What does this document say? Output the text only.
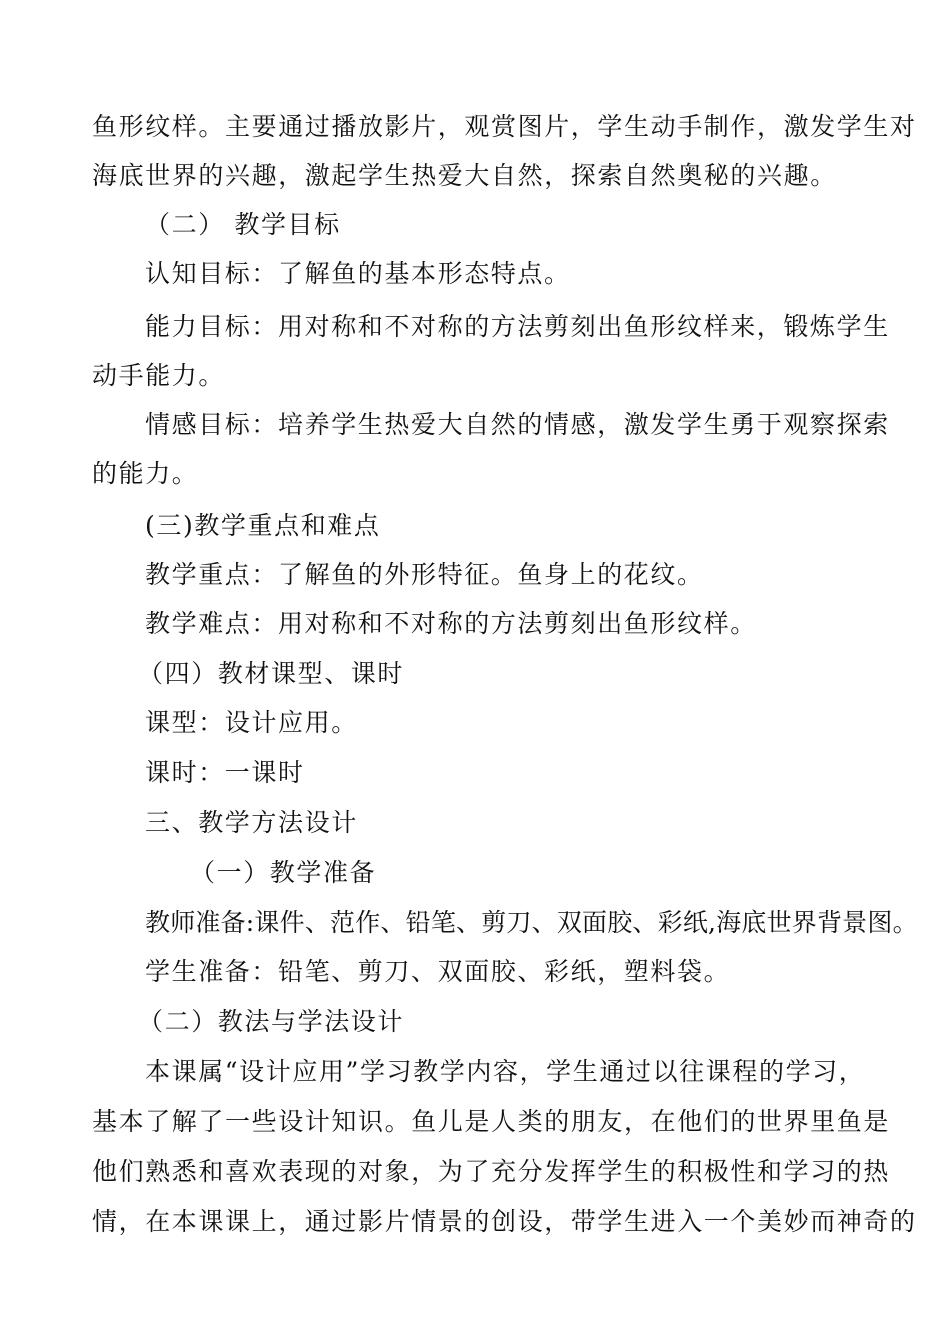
鱼形纹样。主要通过播放影片，观赏图片，学生动手制作，激发学生对
海底世界的兴趣，激起学生热爱大自然，探索自然奥秘的兴趣。
（二） 教学目标
认知目标：了解鱼的基本形态特点。
能力目标：用对称和不对称的方法剪刻出鱼形纹样来，锻炼学生
动手能力。
情感目标：培养学生热爱大自然的情感，激发学生勇于观察探索
的能力。
(三)教学重点和难点
教学重点：了解鱼的外形特征。鱼身上的花纹。
教学难点：用对称和不对称的方法剪刻出鱼形纹样。
（四）教材课型、课时
课型：设计应用。
课时：一课时
三、教学方法设计
（一）教学准备
教师准备:课件、范作、铅笔、剪刀、双面胶、彩纸,海底世界背景图。
学生准备：铅笔、剪刀、双面胶、彩纸，塑料袋。
（二）教法与学法设计
本课属“设计应用”学习教学内容，学生通过以往课程的学习，
基本了解了一些设计知识。鱼儿是人类的朋友，在他们的世界里鱼是
他们熟悉和喜欢表现的对象，为了充分发挥学生的积极性和学习的热
情，在本课课上，通过影片情景的创设，带学生进入一个美妙而神奇的
